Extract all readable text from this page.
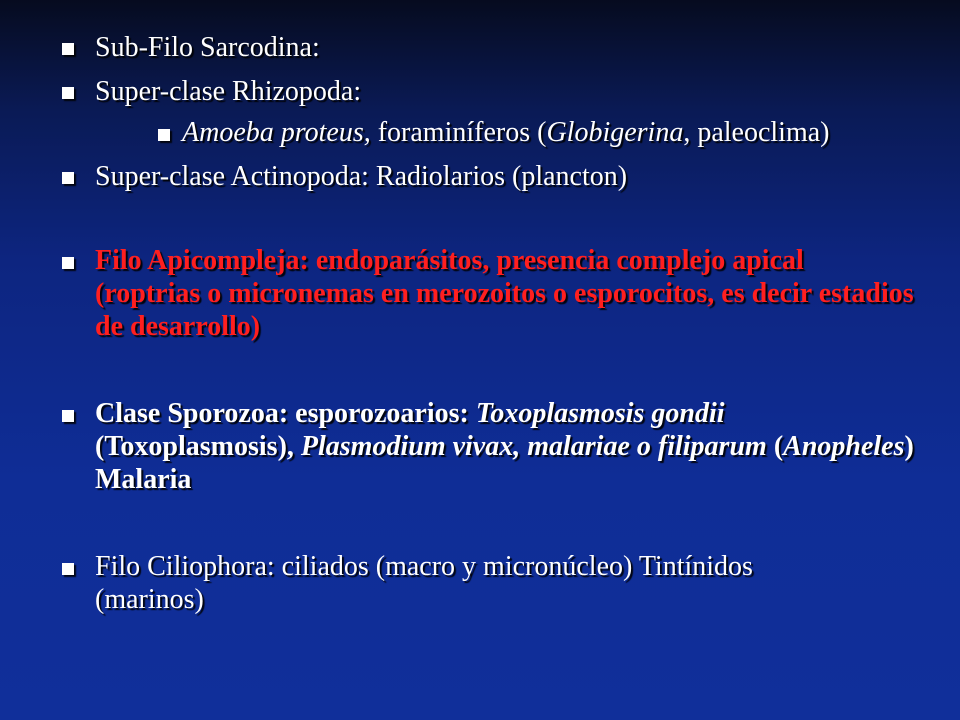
Sub-Filo Sarcodina:
Super-clase Rhizopoda:
Amoeba proteus, foraminíferos (Globigerina, paleoclima)
Super-clase Actinopoda: Radiolarios (plancton)
Filo Apicompleja: endoparásitos, presencia complejo apical (roptrias o micronemas en merozoitos o esporocitos, es decir estadios de desarrollo)
Clase Sporozoa: esporozoarios: Toxoplasmosis gondii (Toxoplasmosis), Plasmodium vivax, malariae o filiparum (Anopheles) Malaria
Filo Ciliophora: ciliados (macro y micronúcleo) Tintínidos (marinos)
